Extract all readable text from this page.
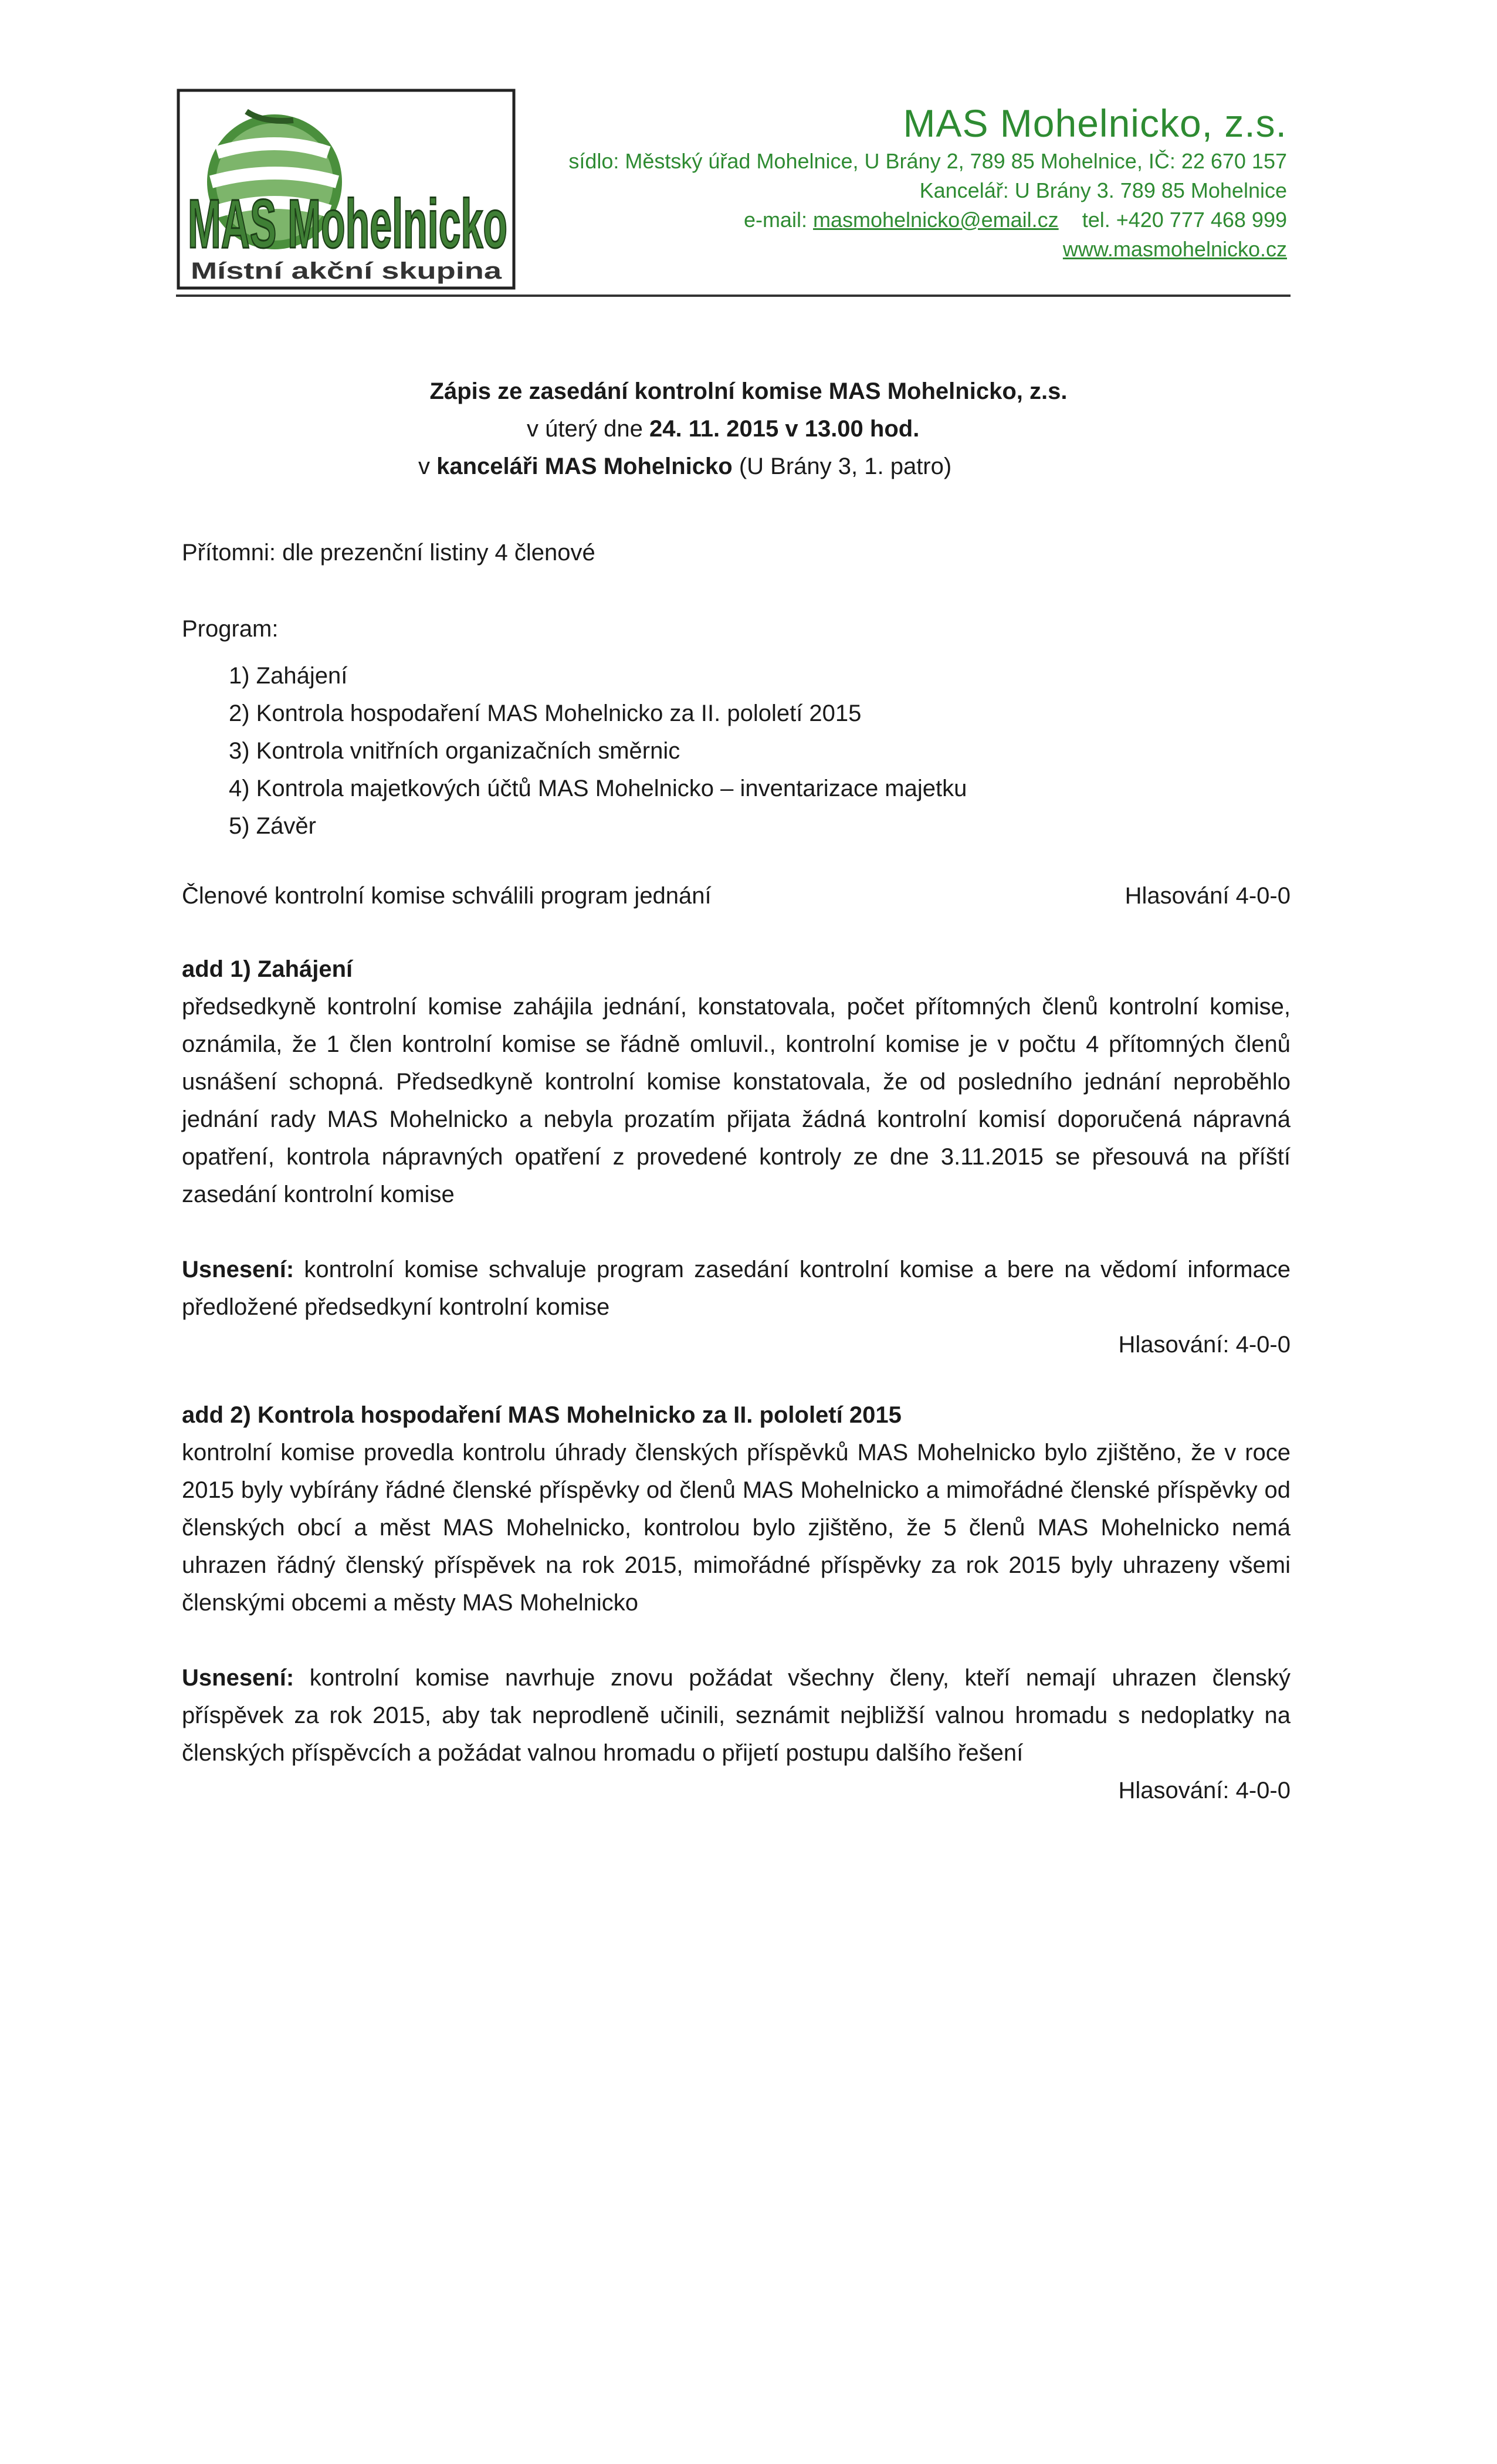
MAS Mohelnicko
Místní akční skupina
MAS Mohelnicko, z.s.
sídlo: Městský úřad Mohelnice, U Brány 2, 789 85 Mohelnice, IČ: 22 670 157
Kancelář: U Brány 3. 789 85 Mohelnice
e-mail: masmohelnicko@email.cz tel. +420 777 468 999
www.masmohelnicko.cz
Zápis ze zasedání kontrolní komise MAS Mohelnicko, z.s.
v úterý dne 24. 11. 2015 v 13.00 hod.
v kanceláři MAS Mohelnicko (U Brány 3, 1. patro)
Přítomni: dle prezenční listiny 4 členové
Program:
1) Zahájení
2) Kontrola hospodaření MAS Mohelnicko za II. pololetí 2015
3) Kontrola vnitřních organizačních směrnic
4) Kontrola majetkových účtů MAS Mohelnicko – inventarizace majetku
5) Závěr
Členové kontrolní komise schválili program jednání	Hlasování 4-0-0
add 1) Zahájení
předsedkyně kontrolní komise zahájila jednání, konstatovala, počet přítomných členů kontrolní komise, oznámila, že 1 člen kontrolní komise se řádně omluvil., kontrolní komise je v počtu 4 přítomných členů usnášení schopná. Předsedkyně kontrolní komise konstatovala, že od posledního jednání neproběhlo jednání rady MAS Mohelnicko a nebyla prozatím přijata žádná kontrolní komisí doporučená nápravná opatření, kontrola nápravných opatření z provedené kontroly ze dne 3.11.2015 se přesouvá na příští zasedání kontrolní komise
Usnesení: kontrolní komise schvaluje program zasedání kontrolní komise a bere na vědomí informace předložené předsedkyní kontrolní komise
Hlasování: 4-0-0
add 2) Kontrola hospodaření MAS Mohelnicko za II. pololetí 2015
kontrolní komise provedla kontrolu úhrady členských příspěvků MAS Mohelnicko bylo zjištěno, že v roce 2015 byly vybírány řádné členské příspěvky od členů MAS Mohelnicko a mimořádné členské příspěvky od členských obcí a měst MAS Mohelnicko, kontrolou bylo zjištěno, že 5 členů MAS Mohelnicko nemá uhrazen řádný členský příspěvek na rok 2015, mimořádné příspěvky za rok 2015 byly uhrazeny všemi členskými obcemi a městy MAS Mohelnicko
Usnesení: kontrolní komise navrhuje znovu požádat všechny členy, kteří nemají uhrazen členský příspěvek za rok 2015, aby tak neprodleně učinili, seznámit nejbližší valnou hromadu s nedoplatky na členských příspěvcích a požádat valnou hromadu o přijetí postupu dalšího řešení
Hlasování: 4-0-0
